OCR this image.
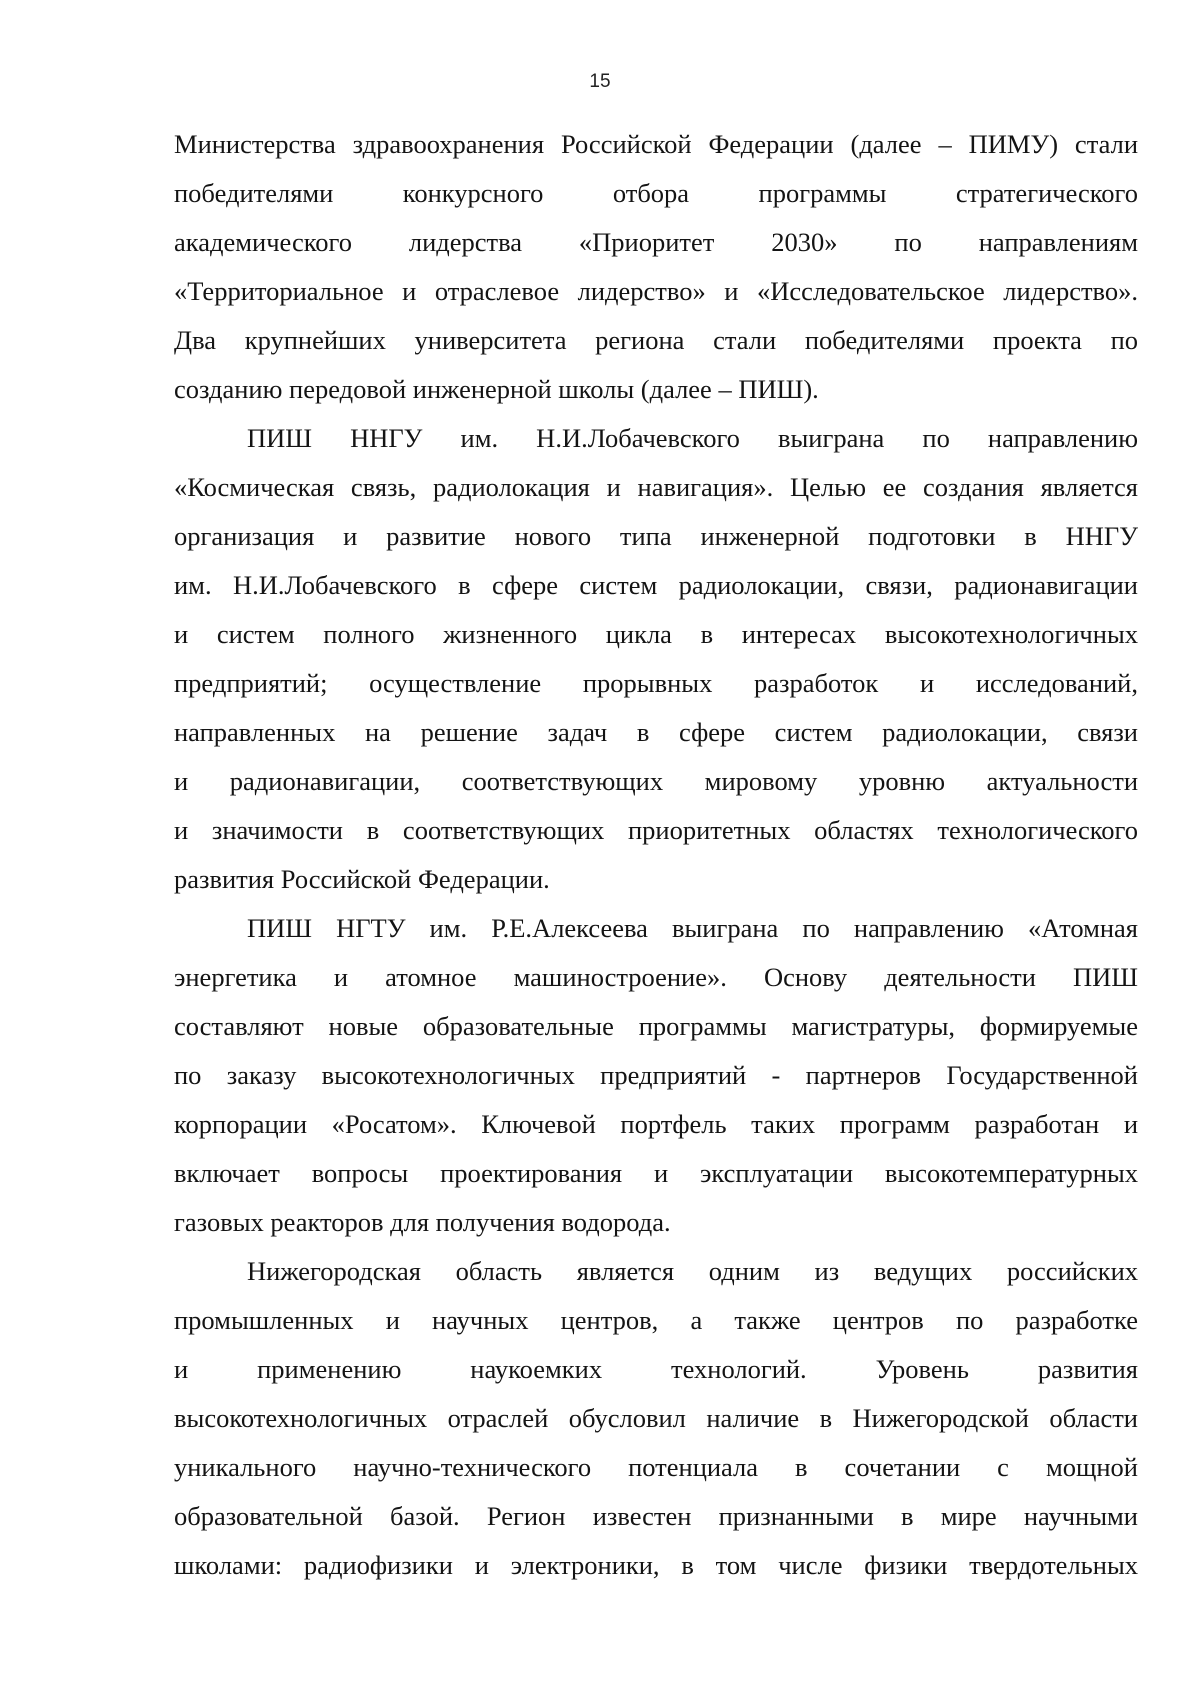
15
Министерства здравоохранения Российской Федерации (далее – ПИМУ) стали
победителями конкурсного отбора программы стратегического
академического лидерства «Приоритет 2030» по направлениям
«Территориальное и отраслевое лидерство» и «Исследовательское лидерство».
Два крупнейших университета региона стали победителями проекта по
созданию передовой инженерной школы (далее – ПИШ).
ПИШ ННГУ им. Н.И.Лобачевского выиграна по направлению
«Космическая связь, радиолокация и навигация». Целью ее создания является
организация и развитие нового типа инженерной подготовки в ННГУ
им. Н.И.Лобачевского в сфере систем радиолокации, связи, радионавигации
и систем полного жизненного цикла в интересах высокотехнологичных
предприятий; осуществление прорывных разработок и исследований,
направленных на решение задач в сфере систем радиолокации, связи
и радионавигации, соответствующих мировому уровню актуальности
и значимости в соответствующих приоритетных областях технологического
развития Российской Федерации.
ПИШ НГТУ им. Р.Е.Алексеева выиграна по направлению «Атомная
энергетика и атомное машиностроение». Основу деятельности ПИШ
составляют новые образовательные программы магистратуры, формируемые
по заказу высокотехнологичных предприятий - партнеров Государственной
корпорации «Росатом». Ключевой портфель таких программ разработан и
включает вопросы проектирования и эксплуатации высокотемпературных
газовых реакторов для получения водорода.
Нижегородская область является одним из ведущих российских
промышленных и научных центров, а также центров по разработке
и применению наукоемких технологий. Уровень развития
высокотехнологичных отраслей обусловил наличие в Нижегородской области
уникального научно-технического потенциала в сочетании с мощной
образовательной базой. Регион известен признанными в мире научными
школами: радиофизики и электроники, в том числе физики твердотельных
